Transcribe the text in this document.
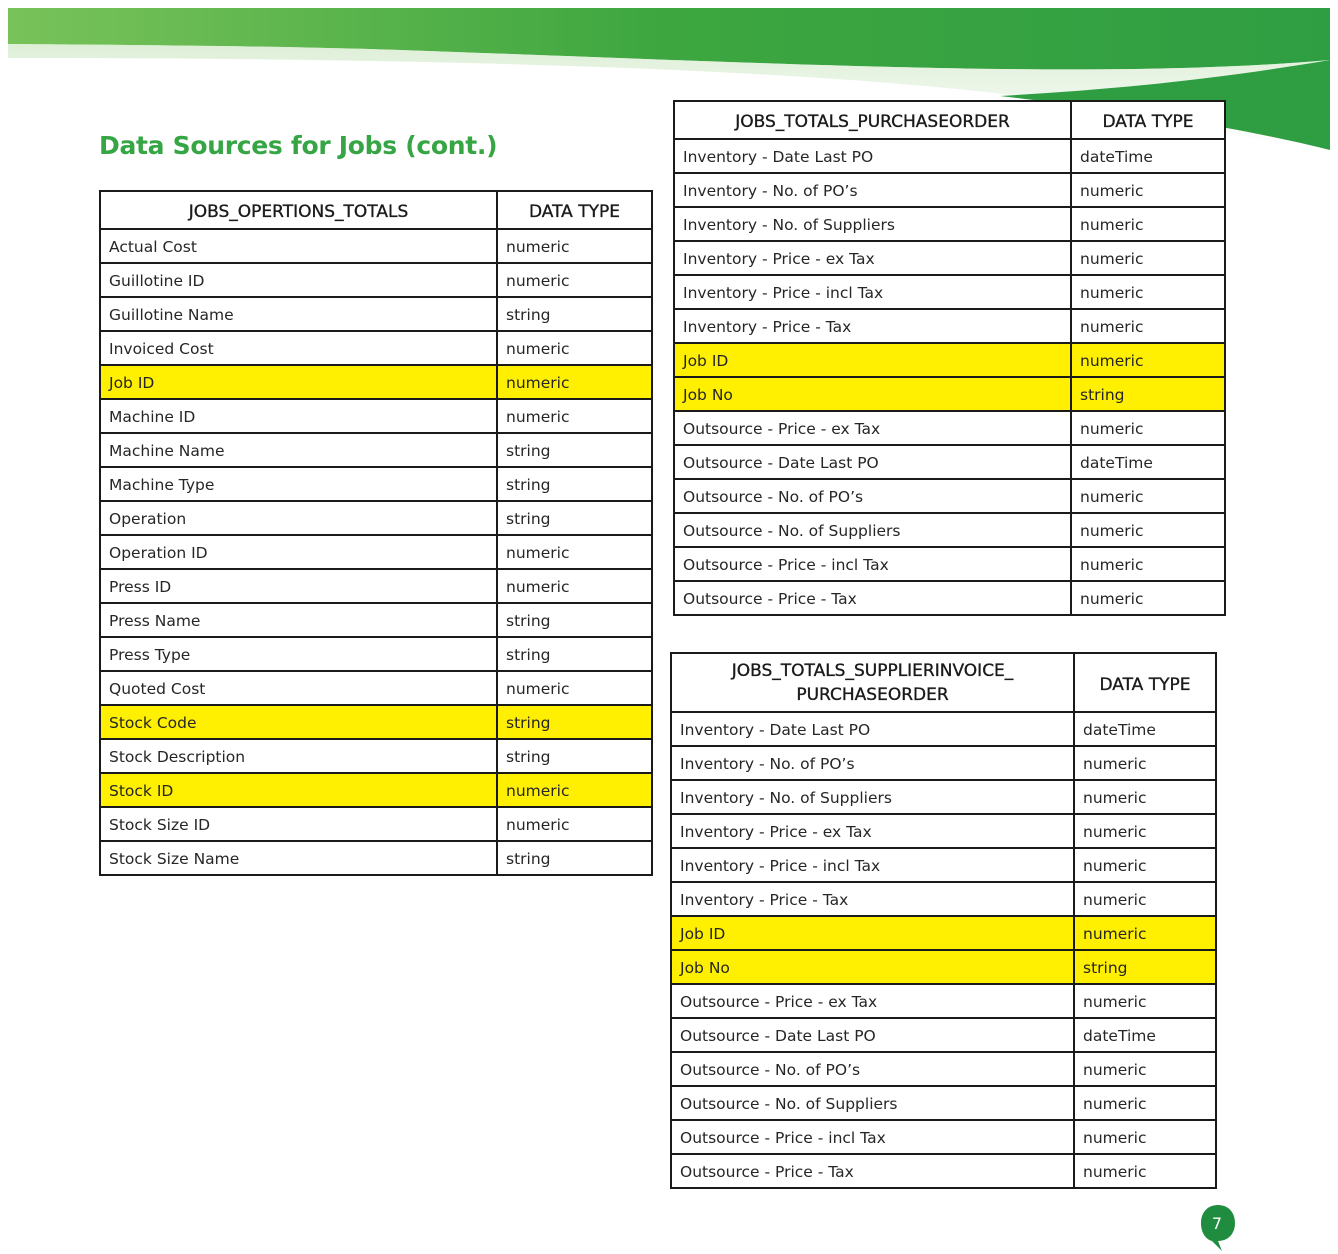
Data Sources for Jobs (cont.)
JOBS_OPERTIONS_TOTALS	DATA TYPE
Actual Cost	numeric
Guillotine ID	numeric
Guillotine Name	string
Invoiced Cost	numeric
Job ID	numeric
Machine ID	numeric
Machine Name	string
Machine Type	string
Operation	string
Operation ID	numeric
Press ID	numeric
Press Name	string
Press Type	string
Quoted Cost	numeric
Stock Code	string
Stock Description	string
Stock ID	numeric
Stock Size ID	numeric
Stock Size Name	string
JOBS_TOTALS_PURCHASEORDER	DATA TYPE
Inventory - Date Last PO	dateTime
Inventory - No. of PO’s	numeric
Inventory - No. of Suppliers	numeric
Inventory - Price - ex Tax	numeric
Inventory - Price - incl Tax	numeric
Inventory - Price - Tax	numeric
Job ID	numeric
Job No	string
Outsource - Price - ex Tax	numeric
Outsource - Date Last PO	dateTime
Outsource - No. of PO’s	numeric
Outsource - No. of Suppliers	numeric
Outsource - Price - incl Tax	numeric
Outsource - Price - Tax	numeric
JOBS_TOTALS_SUPPLIERINVOICE_
PURCHASEORDER	DATA TYPE
Inventory - Date Last PO	dateTime
Inventory - No. of PO’s	numeric
Inventory - No. of Suppliers	numeric
Inventory - Price - ex Tax	numeric
Inventory - Price - incl Tax	numeric
Inventory - Price - Tax	numeric
Job ID	numeric
Job No	string
Outsource - Price - ex Tax	numeric
Outsource - Date Last PO	dateTime
Outsource - No. of PO’s	numeric
Outsource - No. of Suppliers	numeric
Outsource - Price - incl Tax	numeric
Outsource - Price - Tax	numeric
7
